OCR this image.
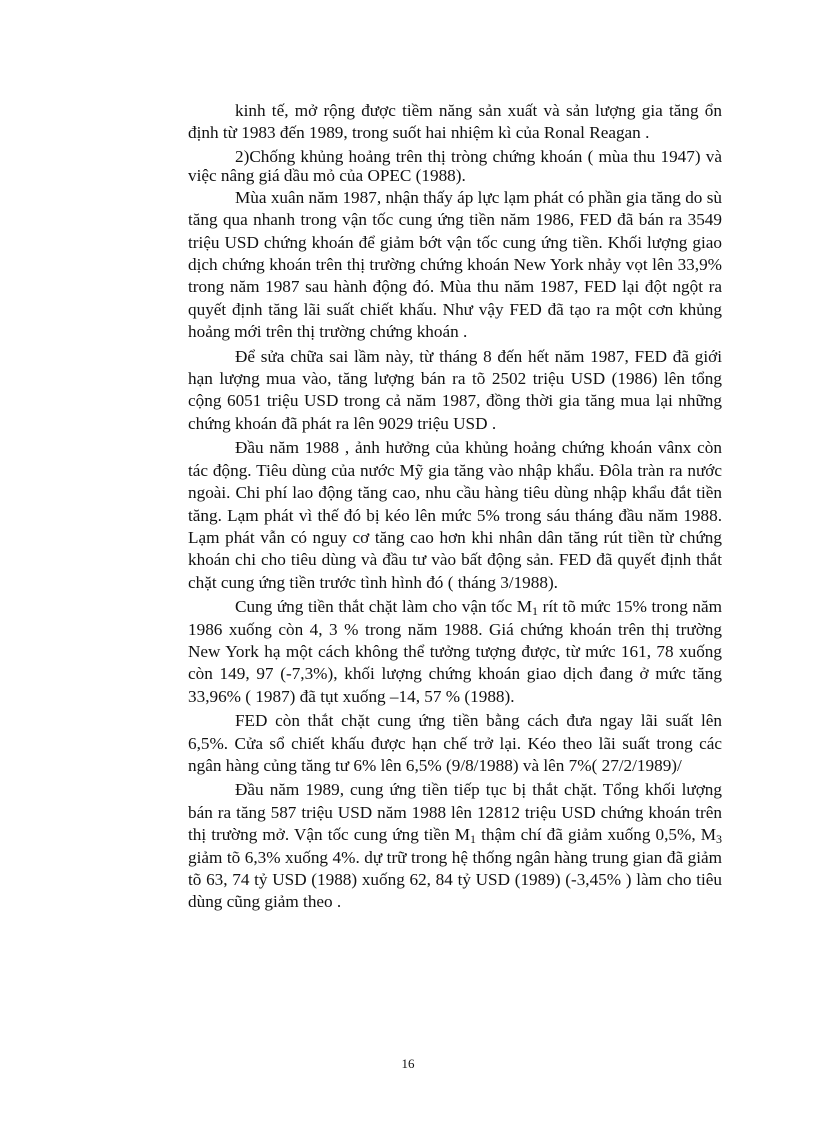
kinh tế, mở rộng được tiềm năng sản xuất và sản lượng gia tăng ổn định từ 1983 đến 1989, trong suốt hai nhiệm kì của Ronal Reagan .

2)Chống khủng hoảng trên thị tròng chứng khoán ( mùa thu 1947) và việc nâng giá dầu mỏ của OPEC (1988).

Mùa xuân năm 1987, nhận thấy áp lực lạm phát có phần gia tăng do sù tăng qua nhanh trong vận tốc cung ứng tiền năm 1986, FED đã bán ra 3549 triệu USD chứng khoán để giảm bớt vận tốc cung ứng tiền. Khối lượng giao dịch chứng khoán trên thị trường chứng khoán New York nhảy vọt lên 33,9% trong năm 1987 sau hành động đó. Mùa thu năm 1987, FED lại đột ngột ra quyết định tăng lãi suất chiết khấu. Như vậy FED đã tạo ra một cơn khủng hoảng mới trên thị trường chứng khoán .

Để sửa chữa sai lầm này, từ tháng 8 đến hết năm 1987, FED đã giới hạn lượng mua vào, tăng lượng bán ra tõ 2502 triệu USD (1986) lên tổng cộng 6051 triệu USD trong cả năm 1987, đồng thời gia tăng mua lại những chứng khoán đã phát ra lên 9029 triệu USD .

Đầu năm 1988 , ảnh hưởng của khủng hoảng chứng khoán vânx còn tác động. Tiêu dùng của nước Mỹ gia tăng vào nhập khẩu. Đôla tràn ra nước ngoài. Chi phí lao động tăng cao, nhu cầu hàng tiêu dùng nhập khẩu đắt tiền tăng. Lạm phát vì thế đó bị kéo lên mức 5% trong sáu tháng đầu năm 1988. Lạm phát vẫn có nguy cơ tăng cao hơn khi nhân dân tăng rút tiền từ chứng khoán chi cho tiêu dùng và đầu tư vào bất động sản. FED đã quyết định thắt chặt cung ứng tiền trước tình hình đó ( tháng 3/1988).

Cung ứng tiền thắt chặt làm cho vận tốc $M_1$ rít tõ mức 15% trong năm 1986 xuống còn 4, 3 % trong năm 1988. Giá chứng khoán trên thị trường New York hạ một cách không thể tưởng tượng được, từ mức 161, 78 xuống còn 149, 97 (-7,3%), khối lượng chứng khoán giao dịch đang ở mức tăng 33,96% ( 1987) đã tụt xuống –14, 57 % (1988).

FED còn thắt chặt cung ứng tiền bằng cách đưa ngay lãi suất lên 6,5%. Cửa sổ chiết khấu được hạn chế trở lại. Kéo theo lãi suất trong các ngân hàng củng tăng tư 6% lên 6,5% (9/8/1988) và lên 7%( 27/2/1989)/

Đầu năm 1989, cung ứng tiền tiếp tục bị thắt chặt. Tổng khối lượng bán ra tăng 587 triệu USD năm 1988 lên 12812 triệu USD chứng khoán trên thị trường mở. Vận tốc cung ứng tiền $M_1$ thậm chí đã giảm xuống 0,5%, $M_3$ giảm tõ 6,3% xuống 4%. dự trữ trong hệ thống ngân hàng trung gian đã giảm tõ 63, 74 tỷ USD (1988) xuống 62, 84 tỷ USD (1989) (-3,45% ) làm cho tiêu dùng cũng giảm theo .

16
